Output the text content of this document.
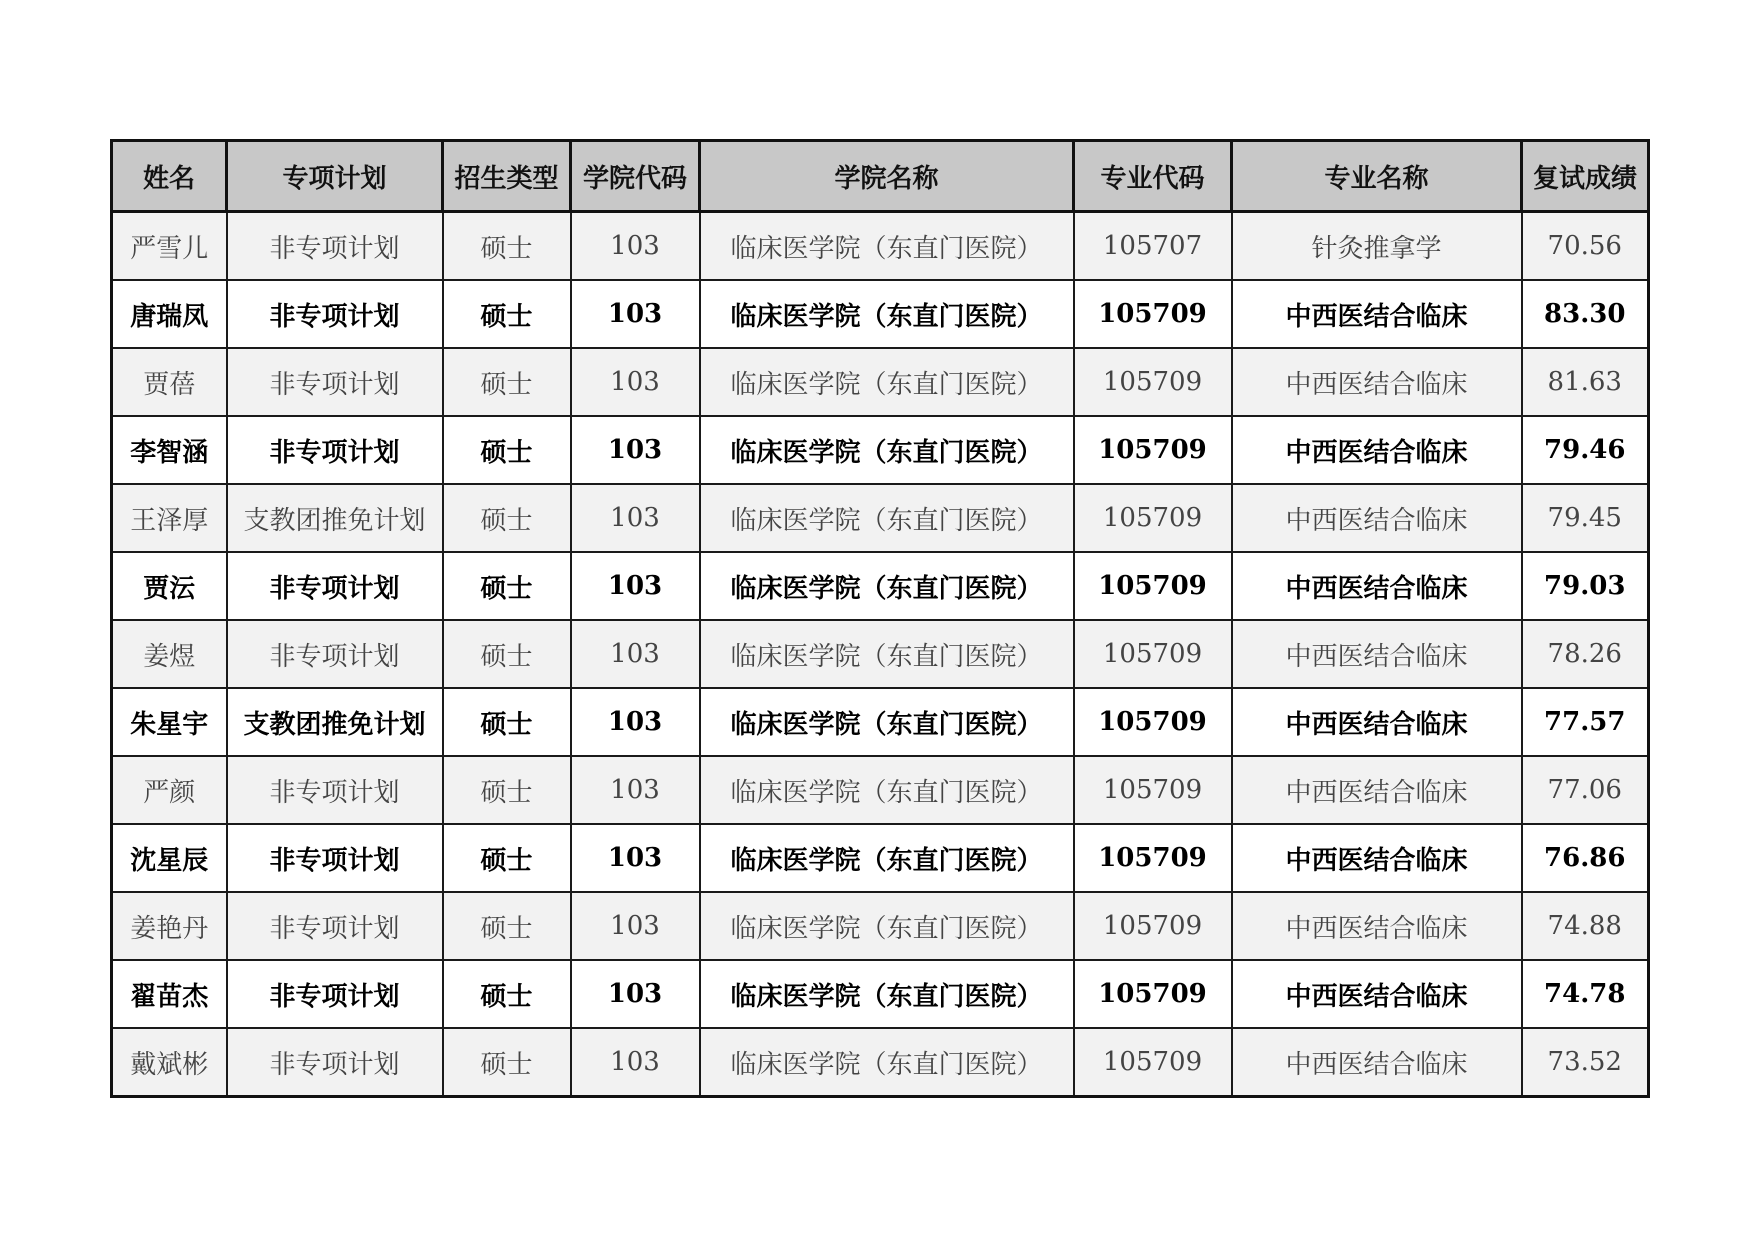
姓名	专项计划	招生类型	学院代码	学院名称	专业代码	专业名称	复试成绩
严雪儿	非专项计划	硕士	103	临床医学院（东直门医院）	105707	针灸推拿学	70.56
唐瑞凤	非专项计划	硕士	103	临床医学院（东直门医院）	105709	中西医结合临床	83.30
贾蓓	非专项计划	硕士	103	临床医学院（东直门医院）	105709	中西医结合临床	81.63
李智涵	非专项计划	硕士	103	临床医学院（东直门医院）	105709	中西医结合临床	79.46
王泽厚	支教团推免计划	硕士	103	临床医学院（东直门医院）	105709	中西医结合临床	79.45
贾沄	非专项计划	硕士	103	临床医学院（东直门医院）	105709	中西医结合临床	79.03
姜煜	非专项计划	硕士	103	临床医学院（东直门医院）	105709	中西医结合临床	78.26
朱星宇	支教团推免计划	硕士	103	临床医学院（东直门医院）	105709	中西医结合临床	77.57
严颜	非专项计划	硕士	103	临床医学院（东直门医院）	105709	中西医结合临床	77.06
沈星辰	非专项计划	硕士	103	临床医学院（东直门医院）	105709	中西医结合临床	76.86
姜艳丹	非专项计划	硕士	103	临床医学院（东直门医院）	105709	中西医结合临床	74.88
翟苗杰	非专项计划	硕士	103	临床医学院（东直门医院）	105709	中西医结合临床	74.78
戴斌彬	非专项计划	硕士	103	临床医学院（东直门医院）	105709	中西医结合临床	73.52
